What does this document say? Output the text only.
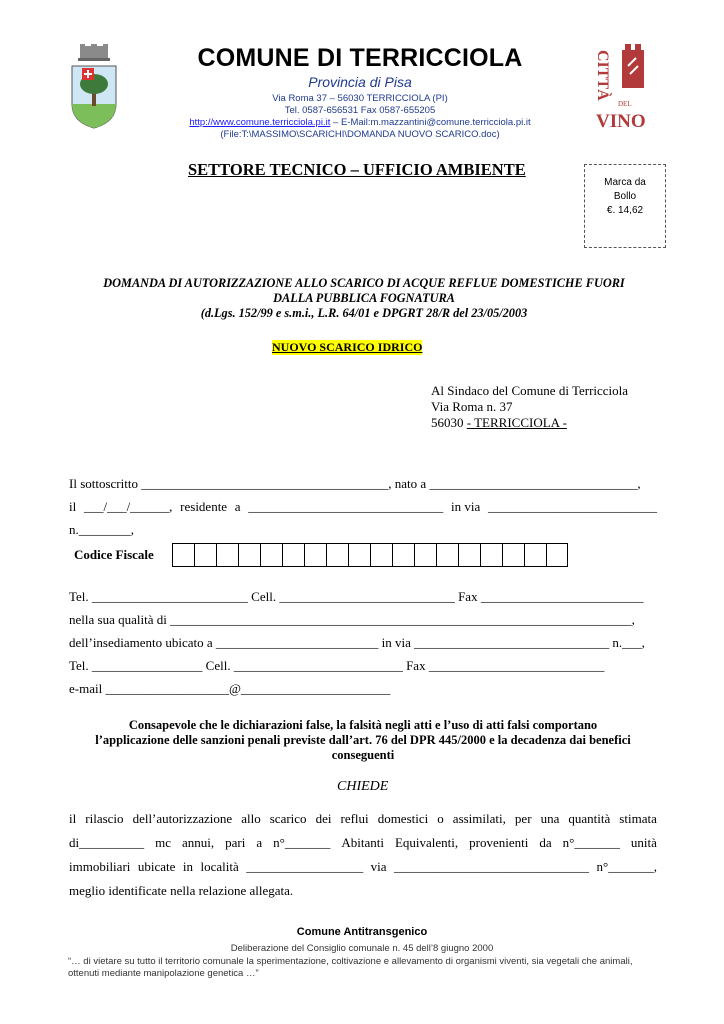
COMUNE DI TERRICCIOLA
Provincia di Pisa
Via Roma 37 – 56030 TERRICCIOLA (PI)
Tel. 0587-656531 Fax 0587-655205
http://www.comune.terricciola.pi.it – E-Mail:m.mazzantini@comune.terricciola.pi.it
(File:T:\MASSIMO\SCARICHI\DOMANDA NUOVO SCARICO.doc)
CITTÀ
DEL
VINO
SETTORE TECNICO – UFFICIO AMBIENTE
Marca da
Bollo
€. 14,62
DOMANDA DI AUTORIZZAZIONE ALLO SCARICO DI ACQUE REFLUE DOMESTICHE FUORI
DALLA PUBBLICA FOGNATURA
(d.Lgs. 152/99 e s.m.i., L.R. 64/01 e DPGRT 28/R del 23/05/2003
NUOVO SCARICO IDRICO
Al Sindaco del Comune di Terricciola
Via Roma n. 37
56030 - TERRICCIOLA -
Il sottoscritto ______________________________________, nato a ________________________________,
il ___/___/______, residente a ______________________________ in via __________________________
n.________,
Codice Fiscale
Tel. ________________________ Cell. ___________________________ Fax _________________________
nella sua qualità di _______________________________________________________________________,
dell’insediamento ubicato a _________________________ in via ______________________________ n.___,
Tel. _________________ Cell. __________________________ Fax ___________________________
e-mail ___________________@_______________________
Consapevole che le dichiarazioni false, la falsità negli atti e l’uso di atti falsi comportano
l’applicazione delle sanzioni penali previste dall’art. 76 del DPR 445/2000 e la decadenza dai benefici
conseguenti
CHIEDE
il rilascio dell’autorizzazione allo scarico dei reflui domestici o assimilati, per una quantità stimata
di__________ mc annui, pari a n°_______ Abitanti Equivalenti, provenienti da n°_______ unità
immobiliari ubicate in località __________________ via ______________________________ n°_______,
meglio identificate nella relazione allegata.
Comune Antitransgenico
Deliberazione del Consiglio comunale n. 45 dell’8 giugno 2000
“… di vietare su tutto il territorio comunale la sperimentazione, coltivazione e allevamento di organismi viventi, sia vegetali che animali, ottenuti mediante manipolazione genetica …”
